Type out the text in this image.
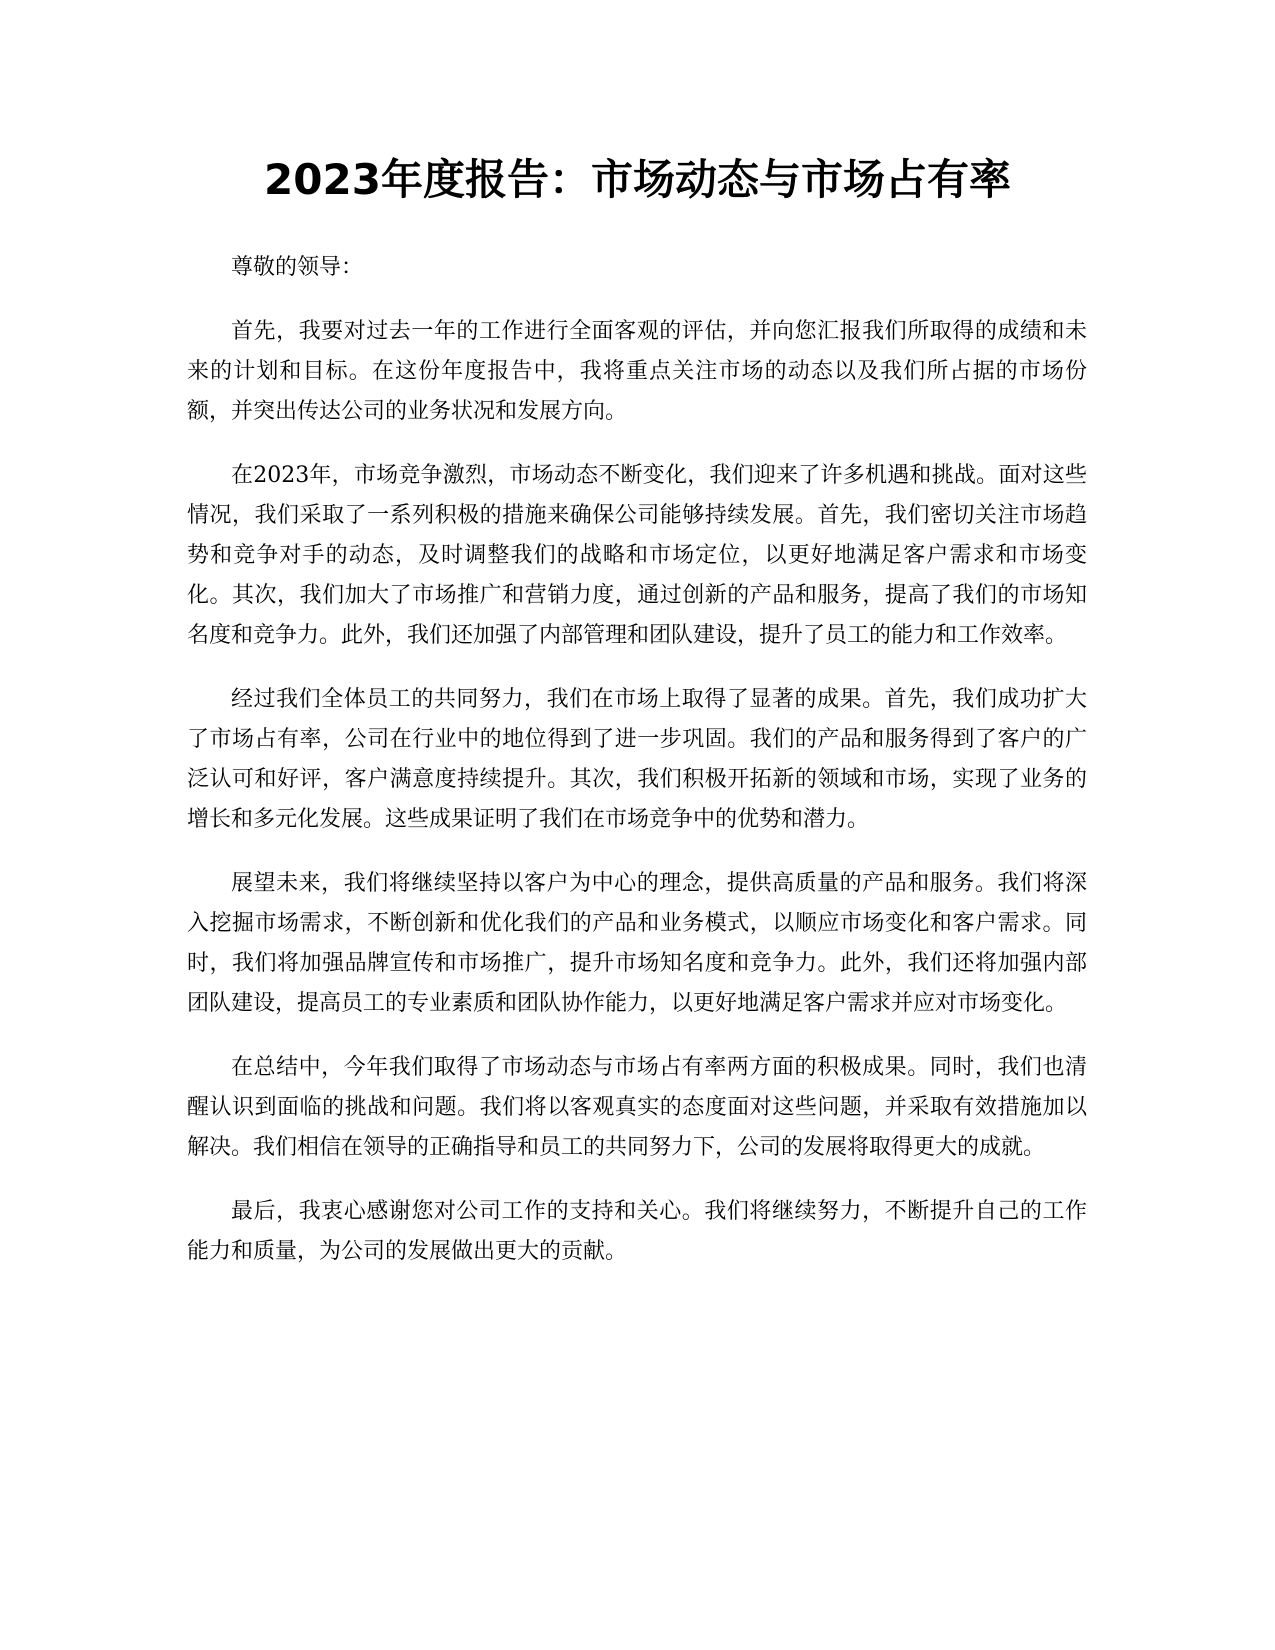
2023年度报告：市场动态与市场占有率

尊敬的领导：

首先，我要对过去一年的工作进行全面客观的评估，并向您汇报我们所取得的成绩和未来的计划和目标。在这份年度报告中，我将重点关注市场的动态以及我们所占据的市场份额，并突出传达公司的业务状况和发展方向。

在2023年，市场竞争激烈，市场动态不断变化，我们迎来了许多机遇和挑战。面对这些情况，我们采取了一系列积极的措施来确保公司能够持续发展。首先，我们密切关注市场趋势和竞争对手的动态，及时调整我们的战略和市场定位，以更好地满足客户需求和市场变化。其次，我们加大了市场推广和营销力度，通过创新的产品和服务，提高了我们的市场知名度和竞争力。此外，我们还加强了内部管理和团队建设，提升了员工的能力和工作效率。

经过我们全体员工的共同努力，我们在市场上取得了显著的成果。首先，我们成功扩大了市场占有率，公司在行业中的地位得到了进一步巩固。我们的产品和服务得到了客户的广泛认可和好评，客户满意度持续提升。其次，我们积极开拓新的领域和市场，实现了业务的增长和多元化发展。这些成果证明了我们在市场竞争中的优势和潜力。

展望未来，我们将继续坚持以客户为中心的理念，提供高质量的产品和服务。我们将深入挖掘市场需求，不断创新和优化我们的产品和业务模式，以顺应市场变化和客户需求。同时，我们将加强品牌宣传和市场推广，提升市场知名度和竞争力。此外，我们还将加强内部团队建设，提高员工的专业素质和团队协作能力，以更好地满足客户需求并应对市场变化。

在总结中，今年我们取得了市场动态与市场占有率两方面的积极成果。同时，我们也清醒认识到面临的挑战和问题。我们将以客观真实的态度面对这些问题，并采取有效措施加以解决。我们相信在领导的正确指导和员工的共同努力下，公司的发展将取得更大的成就。

最后，我衷心感谢您对公司工作的支持和关心。我们将继续努力，不断提升自己的工作能力和质量，为公司的发展做出更大的贡献。
